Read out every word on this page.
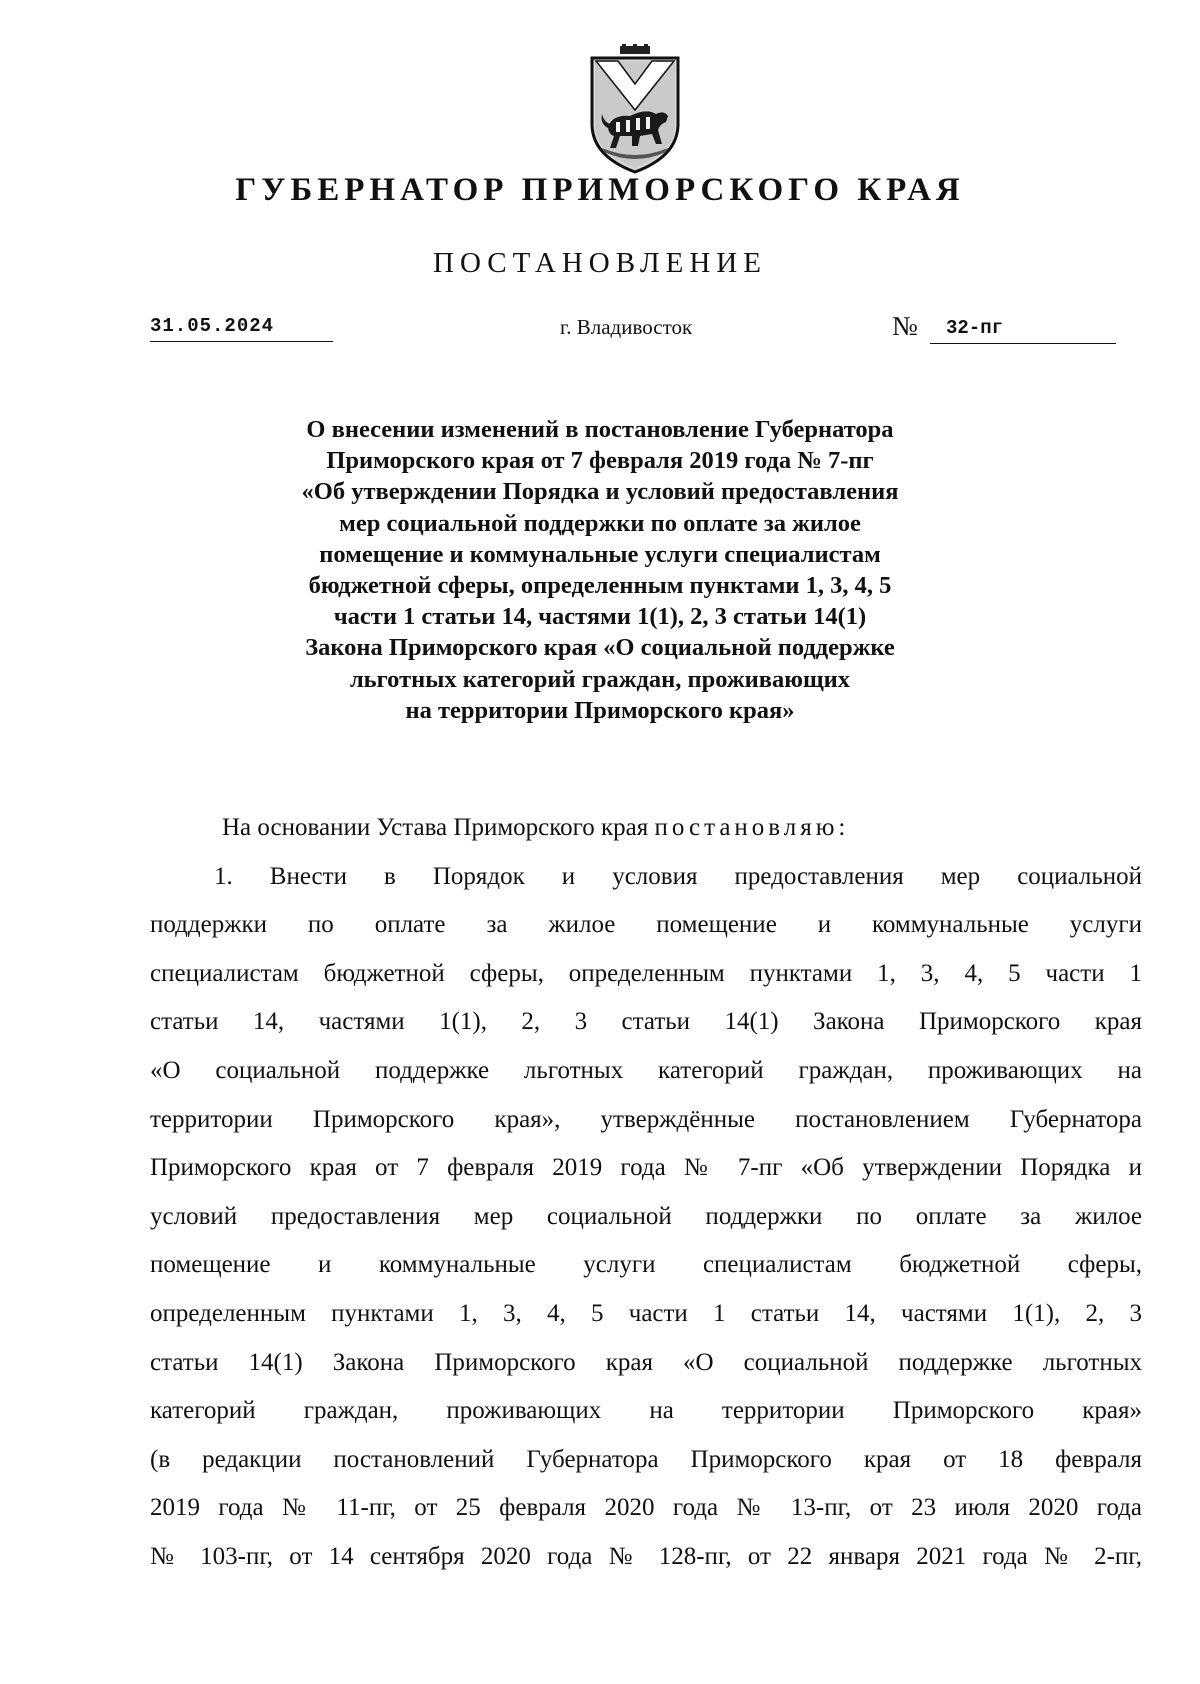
ГУБЕРНАТОР ПРИМОРСКОГО КРАЯ
ПОСТАНОВЛЕНИЕ
31.05.2024	г. Владивосток	№	32-пг
О внесении изменений в постановление Губернатора
Приморского края от 7 февраля 2019 года № 7-пг
«Об утверждении Порядка и условий предоставления
мер социальной поддержки по оплате за жилое
помещение и коммунальные услуги специалистам
бюджетной сферы, определенным пунктами 1, 3, 4, 5
части 1 статьи 14, частями 1(1), 2, 3 статьи 14(1)
Закона Приморского края «О социальной поддержке
льготных категорий граждан, проживающих
на территории Приморского края»

На основании Устава Приморского края постановляю:

1. Внести в Порядок и условия предоставления мер социальной
поддержки по оплате за жилое помещение и коммунальные услуги
специалистам бюджетной сферы, определенным пунктами 1, 3, 4, 5 части 1
статьи 14, частями 1(1), 2, 3 статьи 14(1) Закона Приморского края
«О социальной поддержке льготных категорий граждан, проживающих на
территории Приморского края», утверждённые постановлением Губернатора
Приморского края от 7 февраля 2019 года № 7-пг «Об утверждении Порядка и
условий предоставления мер социальной поддержки по оплате за жилое
помещение и коммунальные услуги специалистам бюджетной сферы,
определенным пунктами 1, 3, 4, 5 части 1 статьи 14, частями 1(1), 2, 3
статьи 14(1) Закона Приморского края «О социальной поддержке льготных
категорий граждан, проживающих на территории Приморского края»
(в редакции постановлений Губернатора Приморского края от 18 февраля
2019 года № 11-пг, от 25 февраля 2020 года № 13-пг, от 23 июля 2020 года
№ 103-пг, от 14 сентября 2020 года № 128-пг, от 22 января 2021 года № 2-пг,
